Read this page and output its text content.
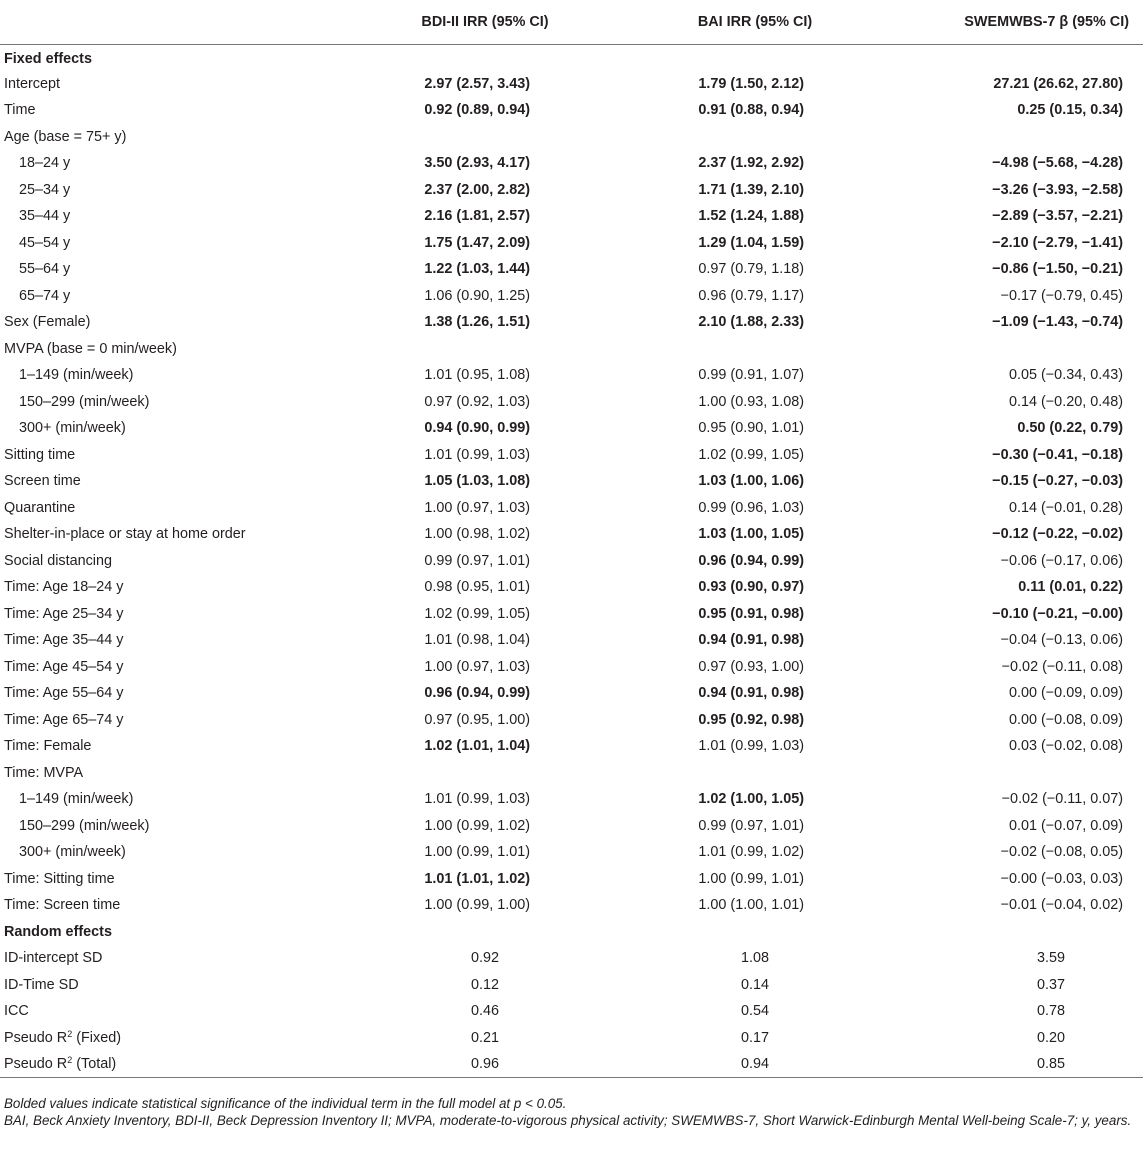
	BDI-II IRR (95% CI)	BAI IRR (95% CI)	SWEMWBS-7 β (95% CI)
Fixed effects			
Intercept	2.97 (2.57, 3.43)	1.79 (1.50, 2.12)	27.21 (26.62, 27.80)
Time	0.92 (0.89, 0.94)	0.91 (0.88, 0.94)	0.25 (0.15, 0.34)
Age (base = 75+ y)			
18–24 y	3.50 (2.93, 4.17)	2.37 (1.92, 2.92)	−4.98 (−5.68, −4.28)
25–34 y	2.37 (2.00, 2.82)	1.71 (1.39, 2.10)	−3.26 (−3.93, −2.58)
35–44 y	2.16 (1.81, 2.57)	1.52 (1.24, 1.88)	−2.89 (−3.57, −2.21)
45–54 y	1.75 (1.47, 2.09)	1.29 (1.04, 1.59)	−2.10 (−2.79, −1.41)
55–64 y	1.22 (1.03, 1.44)	0.97 (0.79, 1.18)	−0.86 (−1.50, −0.21)
65–74 y	1.06 (0.90, 1.25)	0.96 (0.79, 1.17)	−0.17 (−0.79, 0.45)
Sex (Female)	1.38 (1.26, 1.51)	2.10 (1.88, 2.33)	−1.09 (−1.43, −0.74)
MVPA (base = 0 min/week)			
1–149 (min/week)	1.01 (0.95, 1.08)	0.99 (0.91, 1.07)	0.05 (−0.34, 0.43)
150–299 (min/week)	0.97 (0.92, 1.03)	1.00 (0.93, 1.08)	0.14 (−0.20, 0.48)
300+ (min/week)	0.94 (0.90, 0.99)	0.95 (0.90, 1.01)	0.50 (0.22, 0.79)
Sitting time	1.01 (0.99, 1.03)	1.02 (0.99, 1.05)	−0.30 (−0.41, −0.18)
Screen time	1.05 (1.03, 1.08)	1.03 (1.00, 1.06)	−0.15 (−0.27, −0.03)
Quarantine	1.00 (0.97, 1.03)	0.99 (0.96, 1.03)	0.14 (−0.01, 0.28)
Shelter-in-place or stay at home order	1.00 (0.98, 1.02)	1.03 (1.00, 1.05)	−0.12 (−0.22, −0.02)
Social distancing	0.99 (0.97, 1.01)	0.96 (0.94, 0.99)	−0.06 (−0.17, 0.06)
Time: Age 18–24 y	0.98 (0.95, 1.01)	0.93 (0.90, 0.97)	0.11 (0.01, 0.22)
Time: Age 25–34 y	1.02 (0.99, 1.05)	0.95 (0.91, 0.98)	−0.10 (−0.21, −0.00)
Time: Age 35–44 y	1.01 (0.98, 1.04)	0.94 (0.91, 0.98)	−0.04 (−0.13, 0.06)
Time: Age 45–54 y	1.00 (0.97, 1.03)	0.97 (0.93, 1.00)	−0.02 (−0.11, 0.08)
Time: Age 55–64 y	0.96 (0.94, 0.99)	0.94 (0.91, 0.98)	0.00 (−0.09, 0.09)
Time: Age 65–74 y	0.97 (0.95, 1.00)	0.95 (0.92, 0.98)	0.00 (−0.08, 0.09)
Time: Female	1.02 (1.01, 1.04)	1.01 (0.99, 1.03)	0.03 (−0.02, 0.08)
Time: MVPA			
1–149 (min/week)	1.01 (0.99, 1.03)	1.02 (1.00, 1.05)	−0.02 (−0.11, 0.07)
150–299 (min/week)	1.00 (0.99, 1.02)	0.99 (0.97, 1.01)	0.01 (−0.07, 0.09)
300+ (min/week)	1.00 (0.99, 1.01)	1.01 (0.99, 1.02)	−0.02 (−0.08, 0.05)
Time: Sitting time	1.01 (1.01, 1.02)	1.00 (0.99, 1.01)	−0.00 (−0.03, 0.03)
Time: Screen time	1.00 (0.99, 1.00)	1.00 (1.00, 1.01)	−0.01 (−0.04, 0.02)
Random effects			
ID-intercept SD	0.92	1.08	3.59
ID-Time SD	0.12	0.14	0.37
ICC	0.46	0.54	0.78
Pseudo $R^2$ (Fixed)	0.21	0.17	0.20
Pseudo $R^2$ (Total)	0.96	0.94	0.85
Bolded values indicate statistical significance of the individual term in the full model at p < 0.05.
BAI, Beck Anxiety Inventory, BDI-II, Beck Depression Inventory II; MVPA, moderate-to-vigorous physical activity; SWEMWBS-7, Short Warwick-Edinburgh Mental Well-being Scale-7; y, years.
